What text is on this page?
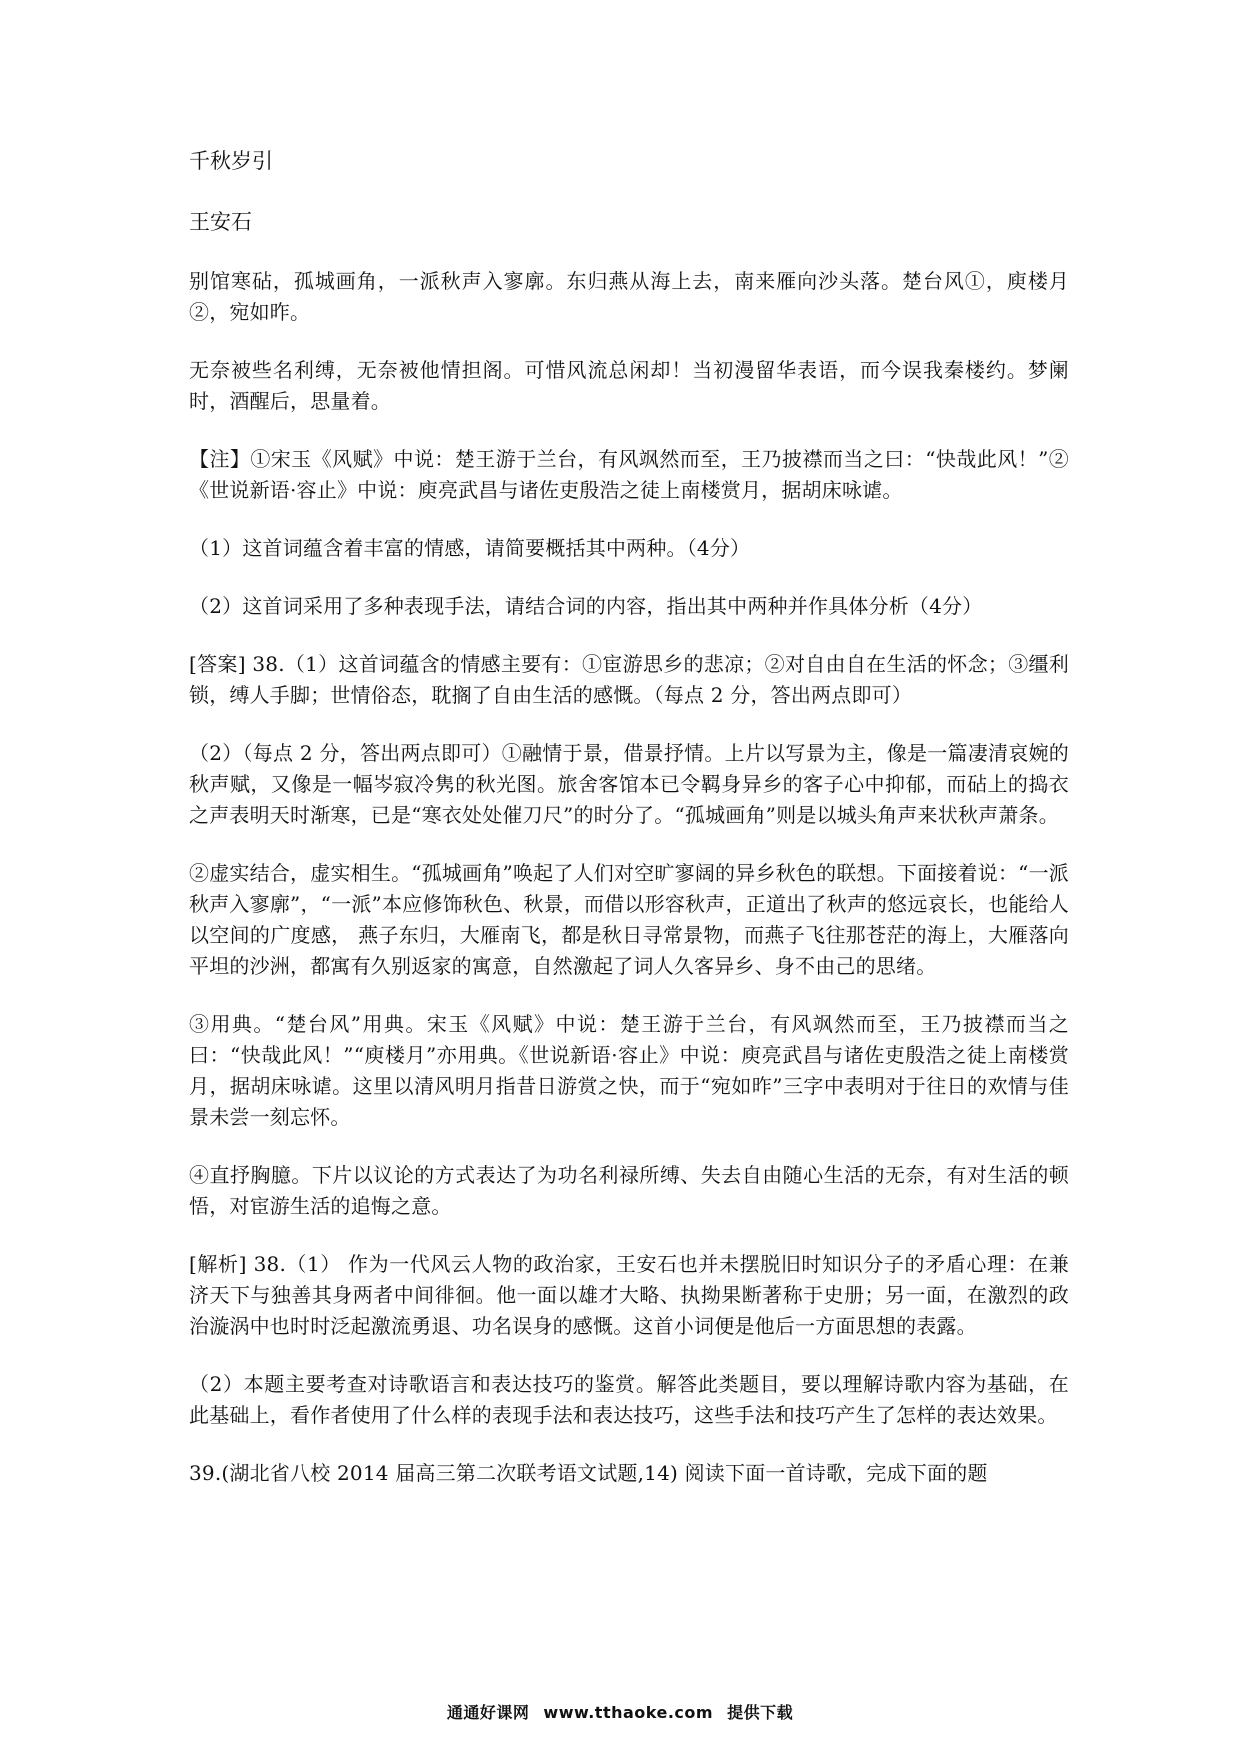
千秋岁引

王安石

别馆寒砧，孤城画角，一派秋声入寥廓。东归燕从海上去，南来雁向沙头落。楚台风①，庾楼月②，宛如昨。

无奈被些名利缚，无奈被他情担阁。可惜风流总闲却！当初漫留华表语，而今误我秦楼约。梦阑时，酒醒后，思量着。

【注】①宋玉《风赋》中说：楚王游于兰台，有风飒然而至，王乃披襟而当之曰：“快哉此风！”②《世说新语·容止》中说：庾亮武昌与诸佐吏殷浩之徒上南楼赏月，据胡床咏谑。

（1）这首词蕴含着丰富的情感，请简要概括其中两种。（4分）

（2）这首词采用了多种表现手法，请结合词的内容，指出其中两种并作具体分析（4分）

[答案] 38.（1）这首词蕴含的情感主要有：①宦游思乡的悲凉；②对自由自在生活的怀念；③缰利锁，缚人手脚；世情俗态，耽搁了自由生活的感慨。（每点 2 分，答出两点即可）

（2）（每点 2 分，答出两点即可）①融情于景，借景抒情。上片以写景为主，像是一篇凄清哀婉的秋声赋，又像是一幅岑寂冷隽的秋光图。旅舍客馆本已令羁身异乡的客子心中抑郁，而砧上的捣衣之声表明天时渐寒，已是“寒衣处处催刀尺”的时分了。“孤城画角”则是以城头角声来状秋声萧条。

②虚实结合，虚实相生。“孤城画角”唤起了人们对空旷寥阔的异乡秋色的联想。下面接着说：“一派秋声入寥廓”，“一派”本应修饰秋色、秋景，而借以形容秋声，正道出了秋声的悠远哀长，也能给人以空间的广度感， 燕子东归，大雁南飞，都是秋日寻常景物，而燕子飞往那苍茫的海上，大雁落向平坦的沙洲，都寓有久别返家的寓意，自然激起了词人久客异乡、身不由己的思绪。

③用典。“楚台风”用典。宋玉《风赋》中说：楚王游于兰台，有风飒然而至，王乃披襟而当之曰：“快哉此风！”“庾楼月”亦用典。《世说新语·容止》中说：庾亮武昌与诸佐吏殷浩之徒上南楼赏月，据胡床咏谑。这里以清风明月指昔日游赏之快，而于“宛如昨”三字中表明对于往日的欢情与佳景未尝一刻忘怀。

④直抒胸臆。下片以议论的方式表达了为功名利禄所缚、失去自由随心生活的无奈，有对生活的顿悟，对宦游生活的追悔之意。

[解析] 38.（1） 作为一代风云人物的政治家，王安石也并未摆脱旧时知识分子的矛盾心理：在兼济天下与独善其身两者中间徘徊。他一面以雄才大略、执拗果断著称于史册；另一面，在激烈的政治漩涡中也时时泛起激流勇退、功名误身的感慨。这首小词便是他后一方面思想的表露。

（2）本题主要考查对诗歌语言和表达技巧的鉴赏。解答此类题目，要以理解诗歌内容为基础，在此基础上，看作者使用了什么样的表现手法和表达技巧，这些手法和技巧产生了怎样的表达效果。

39.(湖北省八校 2014 届高三第二次联考语文试题,14) 阅读下面一首诗歌，完成下面的题

通通好课网 www.tthaoke.com 提供下载
